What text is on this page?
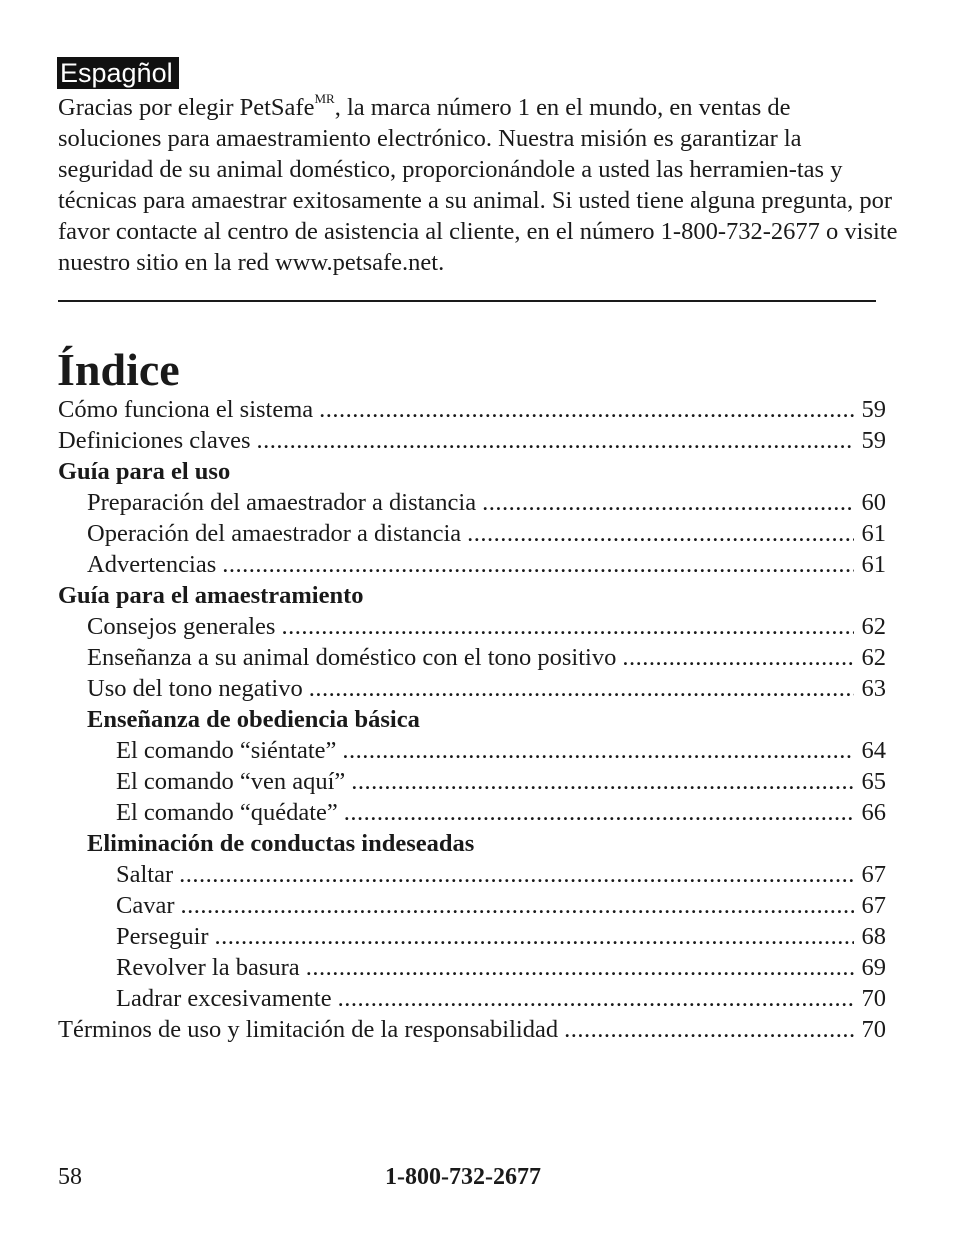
Espagñol
Gracias por elegir PetSafe$^{MR}$, la marca número 1 en el mundo, en ventas de soluciones para amaestramiento electrónico. Nuestra misión es garantizar la seguridad de su animal doméstico, proporcionándole a usted las herramien-tas y técnicas para amaestrar exitosamente a su animal. Si usted tiene alguna pregunta, por favor contacte al centro de asistencia al cliente, en el número 1-800-732-2677 o visite nuestro sitio en la red www.petsafe.net.
Índice
Cómo funciona el sistema .....	59
Definiciones claves .....	59
Guía para el uso
Preparación del amaestrador a distancia .....	60
Operación del amaestrador a distancia .....	61
Advertencias .....	61
Guía para el amaestramiento
Consejos generales .....	62
Enseñanza a su animal doméstico con el tono positivo .....	62
Uso del tono negativo .....	63
Enseñanza de obediencia básica
El comando “siéntate” .....	64
El comando “ven aquí” .....	65
El comando “quédate” .....	66
Eliminación de conductas indeseadas
Saltar .....	67
Cavar .....	67
Perseguir .....	68
Revolver la basura .....	69
Ladrar excesivamente .....	70
Términos de uso y limitación de la responsabilidad .....	70
58	1-800-732-2677
